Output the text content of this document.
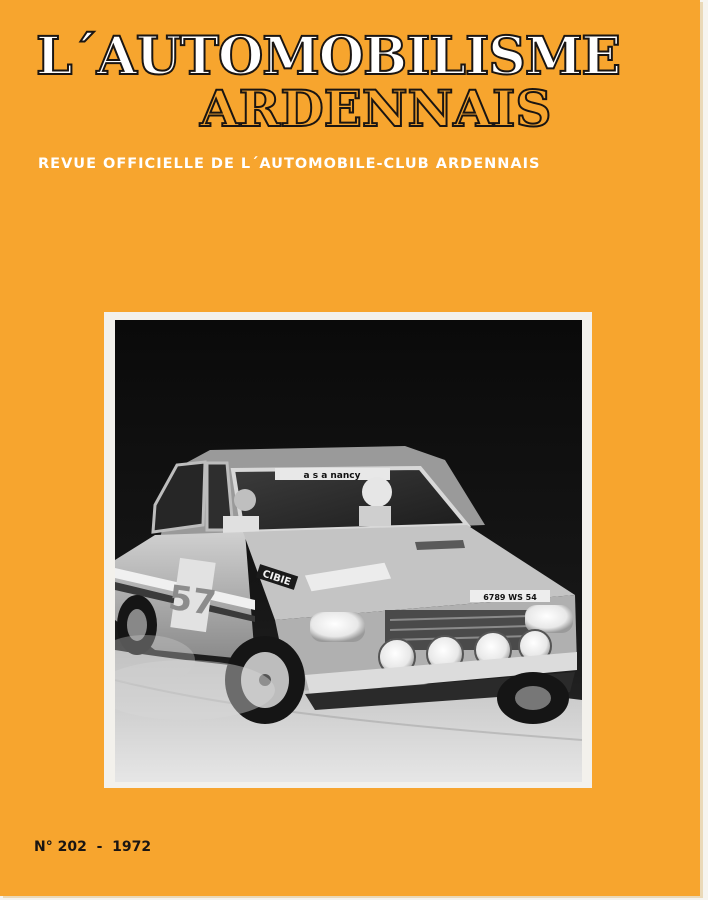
L´AUTOMOBILISME
ARDENNAIS
REVUE OFFICIELLE DE L´AUTOMOBILE-CLUB ARDENNAIS
a s a nancy
6789 WS 54
57	CIBIE
N° 202  -  1972
